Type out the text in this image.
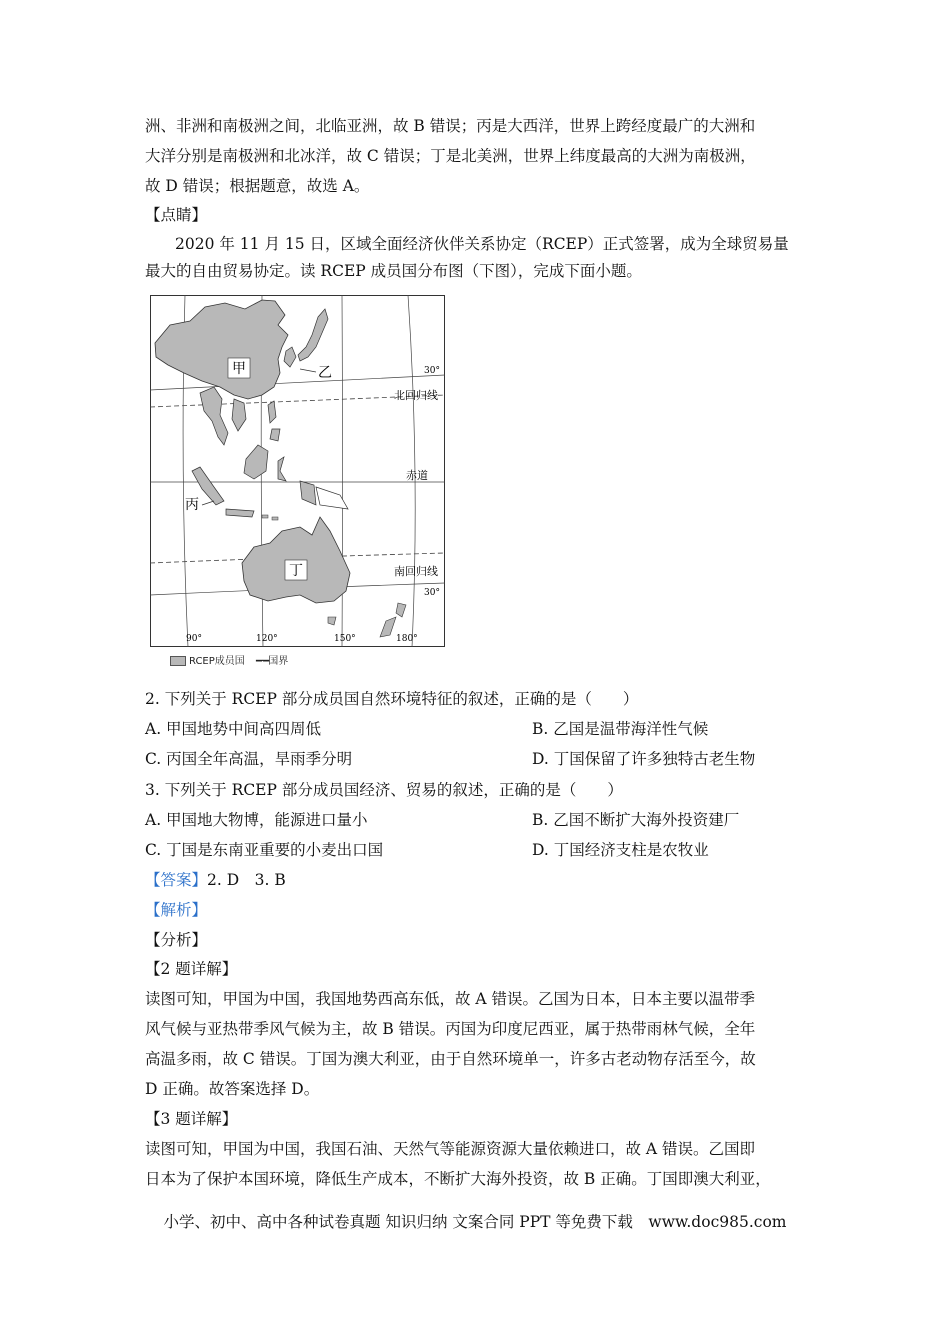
洲、非洲和南极洲之间，北临亚洲，故 B 错误；丙是大西洋，世界上跨经度最广的大洲和
大洋分别是南极洲和北冰洋，故 C 错误；丁是北美洲，世界上纬度最高的大洲为南极洲，
故 D 错误；根据题意，故选 A。
【点睛】
2020 年 11 月 15 日，区域全面经济伙伴关系协定（RCEP）正式签署，成为全球贸易量
最大的自由贸易协定。读 RCEP 成员国分布图（下图），完成下面小题。
甲	乙
丙
丁
北回归线
赤道
南回归线
30°
30°
90°	120°	150°	180°
RCEP成员国 ━·━国界
2. 下列关于 RCEP 部分成员国自然环境特征的叙述，正确的是（　　）
A. 甲国地势中间高四周低	B. 乙国是温带海洋性气候
C. 丙国全年高温，旱雨季分明	D. 丁国保留了许多独特古老生物
3. 下列关于 RCEP 部分成员国经济、贸易的叙述，正确的是（　　）
A. 甲国地大物博，能源进口量小	B. 乙国不断扩大海外投资建厂
C. 丁国是东南亚重要的小麦出口国	D. 丁国经济支柱是农牧业
【答案】2. D　3. B
【解析】
【分析】
【2 题详解】
读图可知，甲国为中国，我国地势西高东低，故 A 错误。乙国为日本，日本主要以温带季
风气候与亚热带季风气候为主，故 B 错误。丙国为印度尼西亚，属于热带雨林气候，全年
高温多雨，故 C 错误。丁国为澳大利亚，由于自然环境单一，许多古老动物存活至今，故
D 正确。故答案选择 D。
【3 题详解】
读图可知，甲国为中国，我国石油、天然气等能源资源大量依赖进口，故 A 错误。乙国即
日本为了保护本国环境，降低生产成本，不断扩大海外投资，故 B 正确。丁国即澳大利亚，
小学、初中、高中各种试卷真题 知识归纳 文案合同 PPT 等免费下载　www.doc985.com
